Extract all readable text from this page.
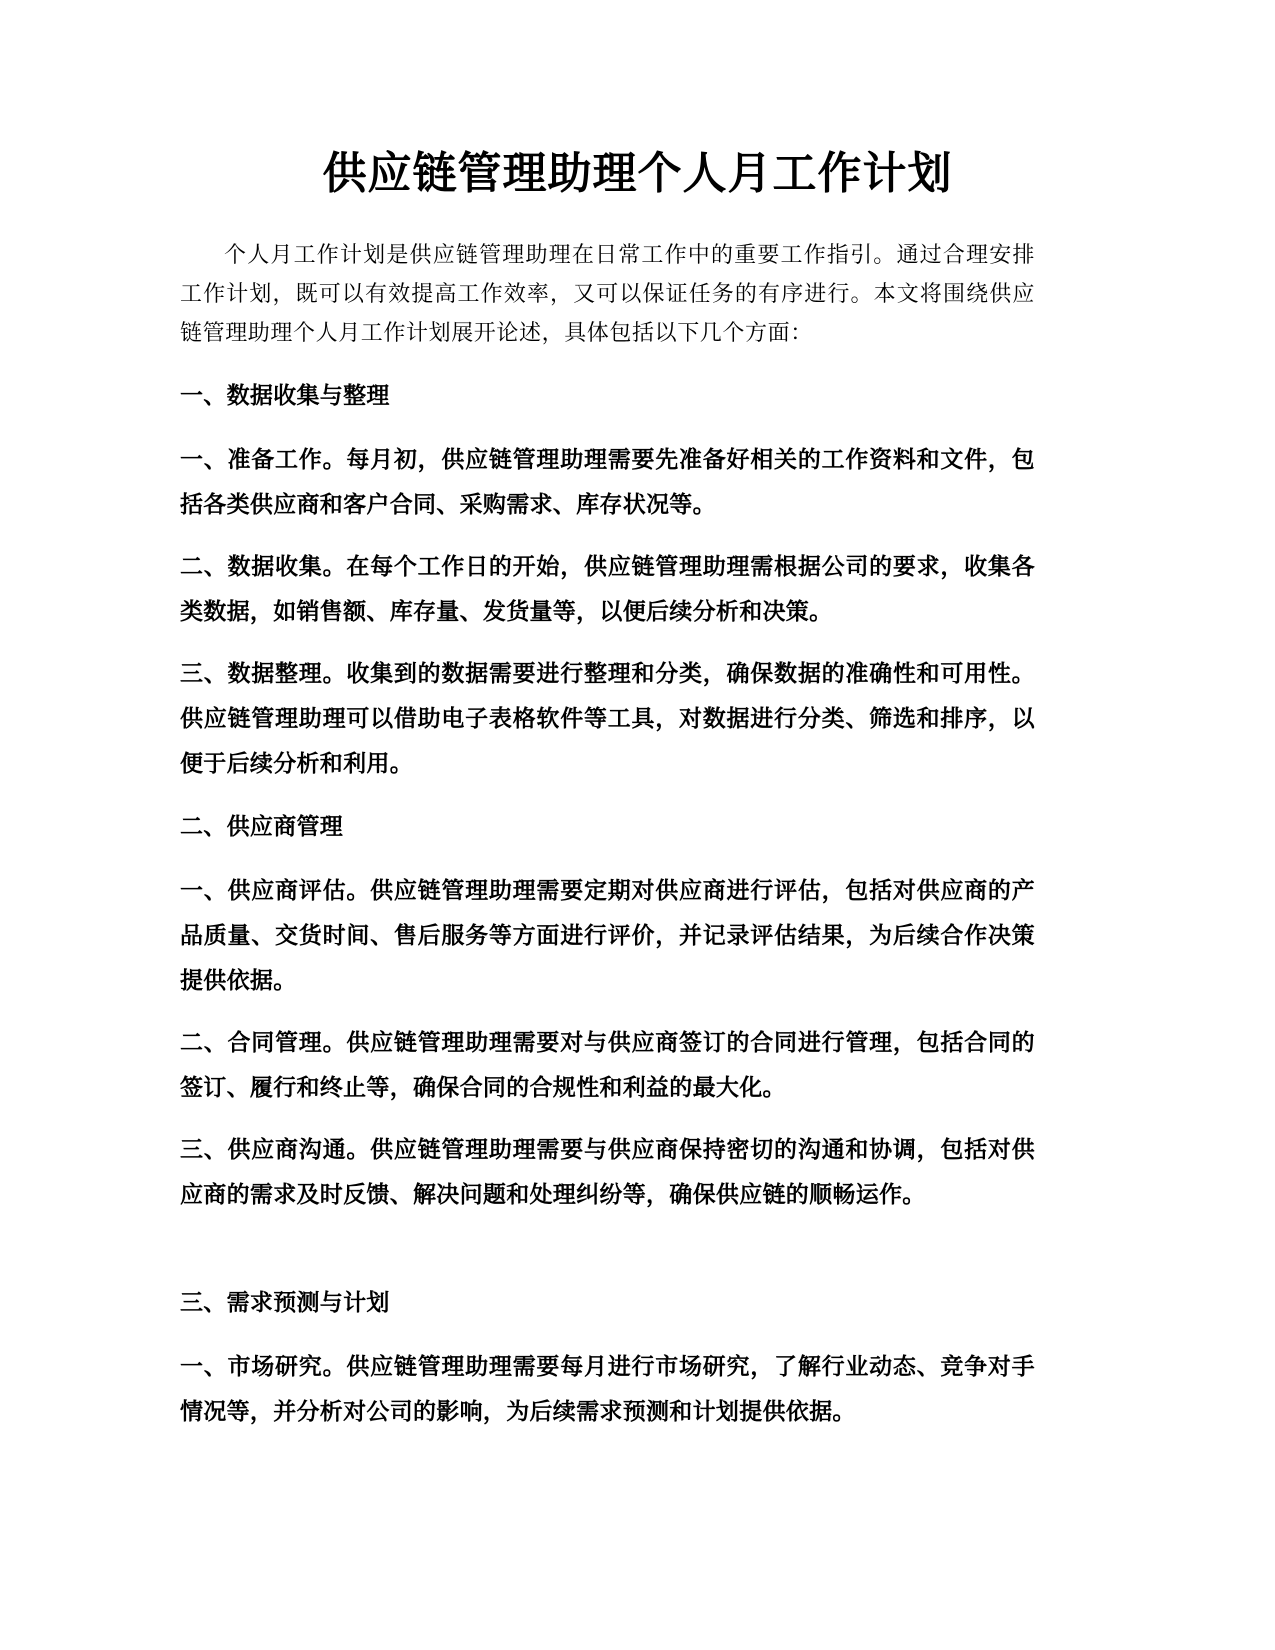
供应链管理助理个人月工作计划

个人月工作计划是供应链管理助理在日常工作中的重要工作指引。通过合理安排工作计划，既可以有效提高工作效率，又可以保证任务的有序进行。本文将围绕供应链管理助理个人月工作计划展开论述，具体包括以下几个方面：

一、数据收集与整理

一、准备工作。每月初，供应链管理助理需要先准备好相关的工作资料和文件，包括各类供应商和客户合同、采购需求、库存状况等。

二、数据收集。在每个工作日的开始，供应链管理助理需根据公司的要求，收集各类数据，如销售额、库存量、发货量等，以便后续分析和决策。

三、数据整理。收集到的数据需要进行整理和分类，确保数据的准确性和可用性。供应链管理助理可以借助电子表格软件等工具，对数据进行分类、筛选和排序，以便于后续分析和利用。

二、供应商管理

一、供应商评估。供应链管理助理需要定期对供应商进行评估，包括对供应商的产品质量、交货时间、售后服务等方面进行评价，并记录评估结果，为后续合作决策提供依据。

二、合同管理。供应链管理助理需要对与供应商签订的合同进行管理，包括合同的签订、履行和终止等，确保合同的合规性和利益的最大化。

三、供应商沟通。供应链管理助理需要与供应商保持密切的沟通和协调，包括对供应商的需求及时反馈、解决问题和处理纠纷等，确保供应链的顺畅运作。

三、需求预测与计划

一、市场研究。供应链管理助理需要每月进行市场研究，了解行业动态、竞争对手情况等，并分析对公司的影响，为后续需求预测和计划提供依据。
